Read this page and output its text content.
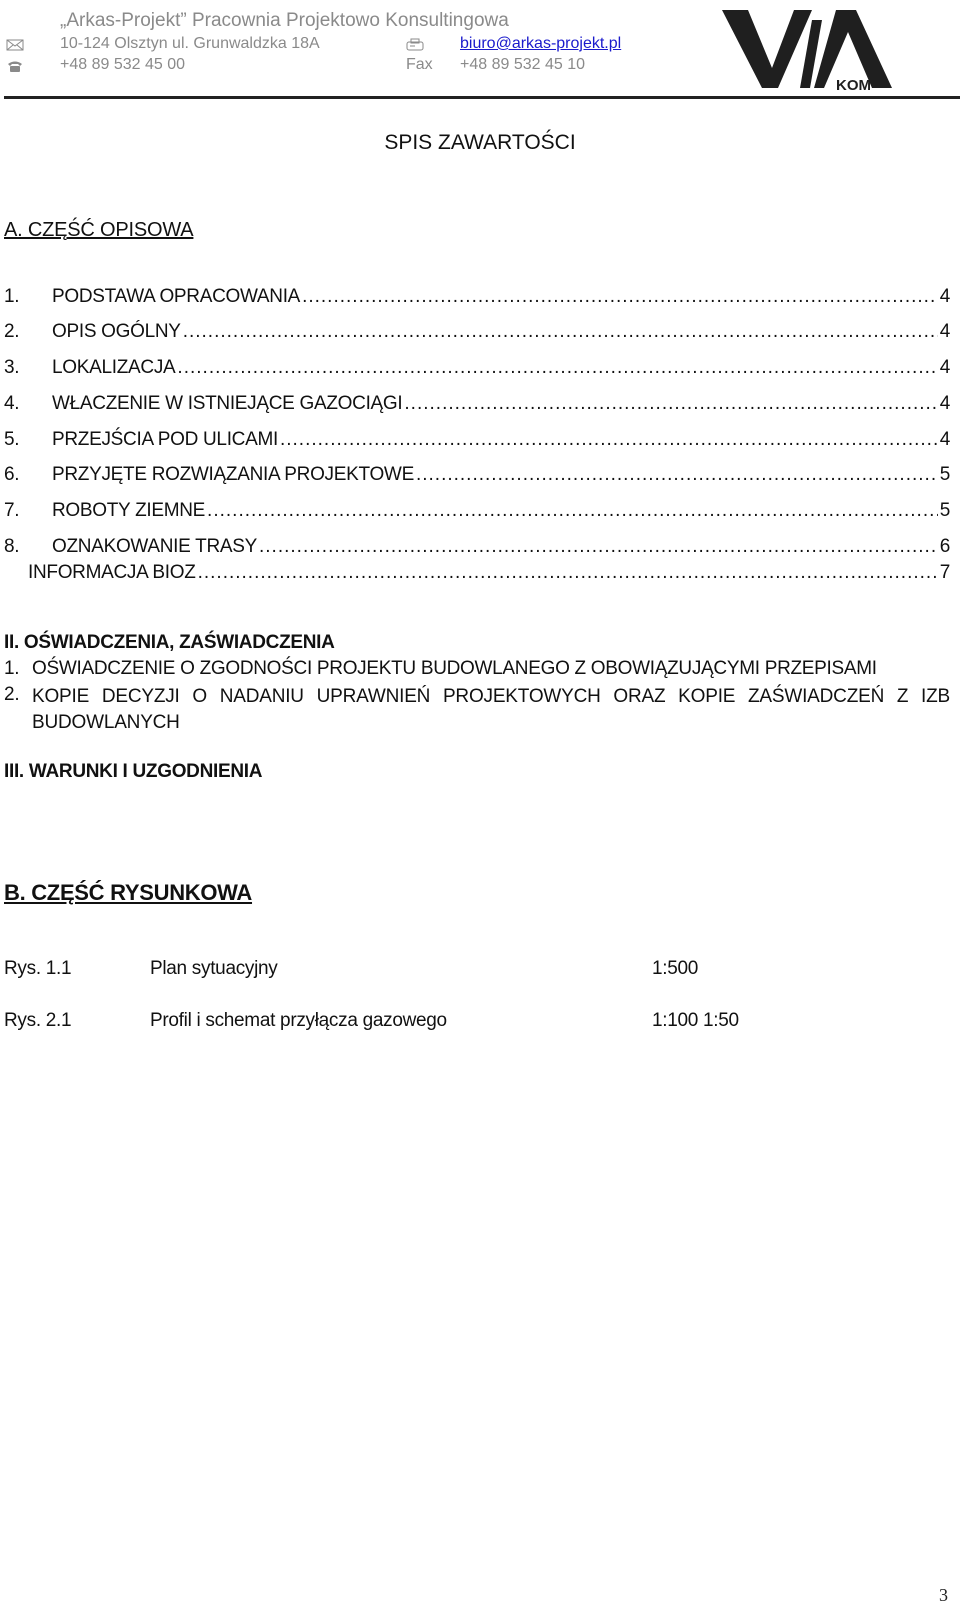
„Arkas-Projekt” Pracownia Projektowo Konsultingowa
10-124 Olsztyn ul. Grunwaldzka 18A	biuro@arkas-projekt.pl
+48 89 532 45 00	Fax +48 89 532 45 10
KOM
SPIS ZAWARTOŚCI
A. CZĘŚĆ OPISOWA
1.	PODSTAWA OPRACOWANIA .....	4
2.	OPIS OGÓLNY .....	4
3.	LOKALIZACJA .....	4
4.	WŁACZENIE W ISTNIEJĄCE GAZOCIĄGI .....	4
5.	PRZEJŚCIA POD ULICAMI .....	4
6.	PRZYJĘTE ROZWIĄZANIA PROJEKTOWE .....	5
7.	ROBOTY ZIEMNE .....	5
8.	OZNAKOWANIE TRASY .....	6
INFORMACJA BIOZ .....	7
II. OŚWIADCZENIA, ZAŚWIADCZENIA
1. OŚWIADCZENIE O ZGODNOŚCI PROJEKTU BUDOWLANEGO Z OBOWIĄZUJĄCYMI PRZEPISAMI
2. KOPIE DECYZJI O NADANIU UPRAWNIEŃ PROJEKTOWYCH ORAZ KOPIE ZAŚWIADCZEŃ Z IZB BUDOWLANYCH
III. WARUNKI I UZGODNIENIA
B. CZĘŚĆ RYSUNKOWA
Rys. 1.1	Plan sytuacyjny	1:500
Rys. 2.1	Profil i schemat przyłącza gazowego	1:100 1:50
3
